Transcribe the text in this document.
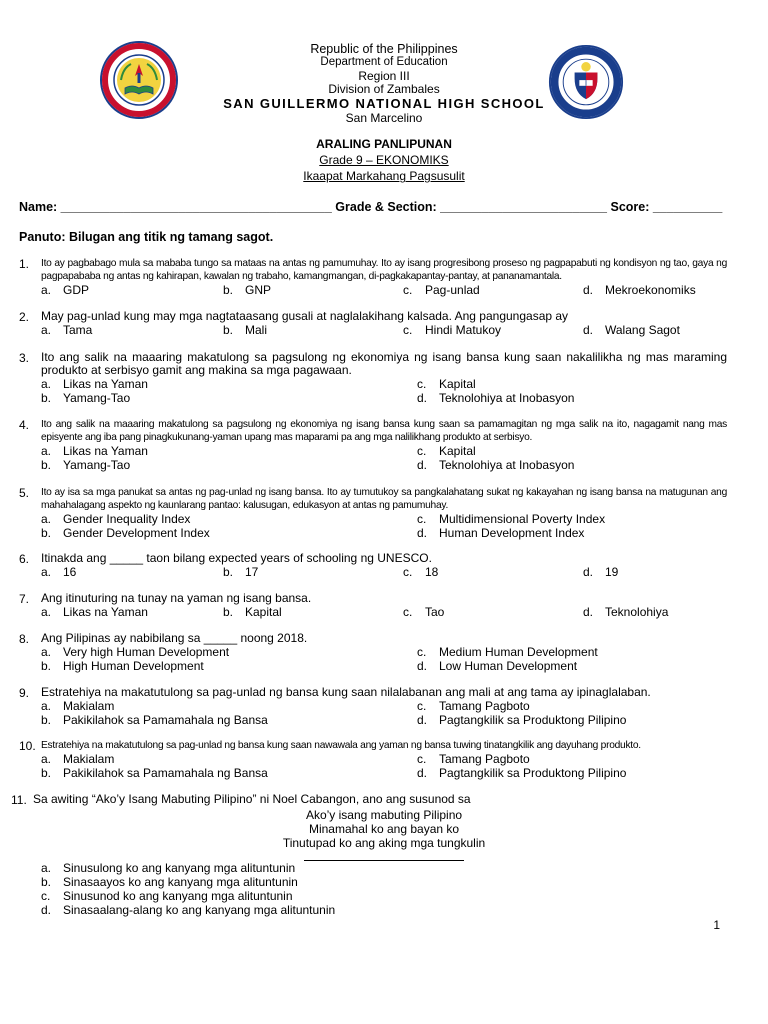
Republic of the Philippines
Department of Education
Region III
Division of Zambales
SAN GUILLERMO NATIONAL HIGH SCHOOL
San Marcelino
ARALING PANLIPUNAN
Grade 9 – EKONOMIKS
Ikaapat Markahang Pagsusulit
Name: _______________________________________ Grade & Section: ________________________ Score: __________
Panuto: Bilugan ang titik ng tamang sagot.
1.	Ito ay pagbabago mula sa mababa tungo sa mataas na antas ng pamumuhay. Ito ay isang progresibong proseso ng pagpapabuti ng kondisyon ng tao, gaya ng pagpapababa ng antas ng kahirapan, kawalan ng trabaho, kamangmangan, di-pagkakapantay-pantay, at pananamantala.
a. GDP	b. GNP	c. Pag-unlad	d. Mekroekonomiks
2. May pag-unlad kung may mga nagtataasang gusali at naglalakihang kalsada. Ang pangungasap ay
a. Tama	b. Mali	c. Hindi Matukoy	d. Walang Sagot
3. Ito ang salik na maaaring makatulong sa pagsulong ng ekonomiya ng isang bansa kung saan nakalilikha ng mas maraming produkto at serbisyo gamit ang makina sa mga pagawaan.
a. Likas na Yaman	c. Kapital
b. Yamang-Tao	d. Teknolohiya at Inobasyon
4.	Ito ang salik na maaaring makatulong sa pagsulong ng ekonomiya ng isang bansa kung saan sa pamamagitan ng mga salik na ito, nagagamit nang mas episyente ang iba pang pinagkukunang-yaman upang mas maparami pa ang mga nalilikhang produkto at serbisyo.
a. Likas na Yaman	c. Kapital
b. Yamang-Tao	d. Teknolohiya at Inobasyon
5.	Ito ay isa sa mga panukat sa antas ng pag-unlad ng isang bansa. Ito ay tumutukoy sa pangkalahatang sukat ng kakayahan ng isang bansa na matugunan ang mahahalagang aspekto ng kaunlarang pantao: kalusugan, edukasyon at antas ng pamumuhay.
a. Gender Inequality Index	c. Multidimensional Poverty Index
b. Gender Development Index	d. Human Development Index
6. Itinakda ang _____ taon bilang expected years of schooling ng UNESCO.
a. 16	b. 17	c. 18	d. 19
7. Ang itinuturing na tunay na yaman ng isang bansa.
a. Likas na Yaman	b. Kapital	c. Tao	d. Teknolohiya
8. Ang Pilipinas ay nabibilang sa _____ noong 2018.
a. Very high Human Development	c. Medium Human Development
b. High Human Development	d. Low Human Development
9. Estratehiya na makatutulong sa pag-unlad ng bansa kung saan nilalabanan ang mali at ang tama ay ipinaglalaban.
a. Makialam	c. Tamang Pagboto
b. Pakikilahok sa Pamamahala ng Bansa	d. Pagtangkilik sa Produktong Pilipino
10. Estratehiya na makatutulong sa pag-unlad ng bansa kung saan nawawala ang yaman ng bansa tuwing tinatangkilik ang dayuhang produkto.
a. Makialam	c. Tamang Pagboto
b. Pakikilahok sa Pamamahala ng Bansa	d. Pagtangkilik sa Produktong Pilipino
11. Sa awiting “Ako’y Isang Mabuting Pilipino” ni Noel Cabangon, ano ang susunod sa
Ako’y isang mabuting Pilipino
Minamahal ko ang bayan ko
Tinutupad ko ang aking mga tungkulin
a. Sinusulong ko ang kanyang mga alituntunin
b. Sinasaayos ko ang kanyang mga alituntunin
c. Sinusunod ko ang kanyang mga alituntunin
d. Sinasaalang-alang ko ang kanyang mga alituntunin
1
